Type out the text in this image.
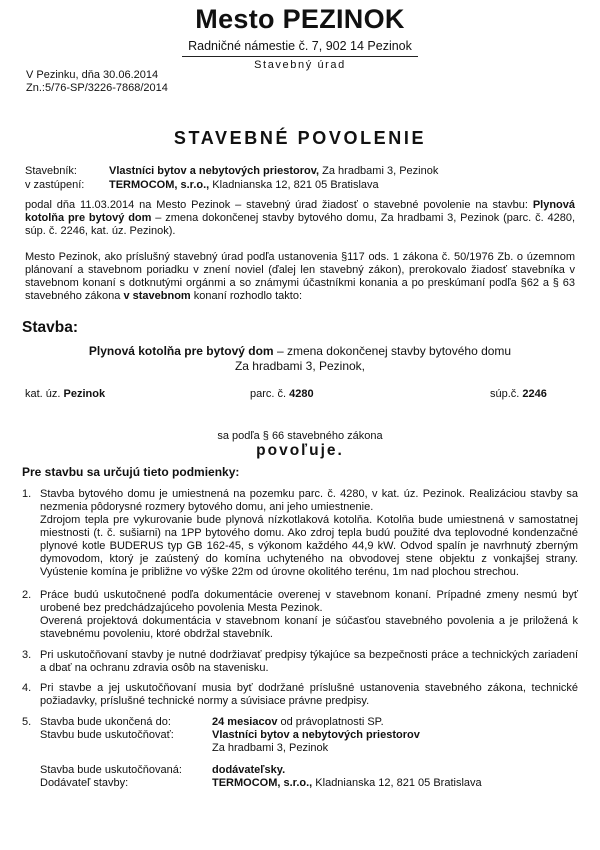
Mesto PEZINOK
Radničné námestie č. 7, 902 14 Pezinok
Stavebný úrad
V Pezinku, dňa 30.06.2014
Zn.:5/76-SP/3226-7868/2014
STAVEBNÉ POVOLENIE
Stavebník:	Vlastníci bytov a nebytových priestorov, Za hradbami 3, Pezinok
v zastúpení:	TERMOCOM, s.r.o., Kladnianska 12, 821 05 Bratislava
podal dňa 11.03.2014 na Mesto Pezinok – stavebný úrad žiadosť o stavebné povolenie na stavbu: Plynová kotolňa pre bytový dom – zmena dokončenej stavby bytového domu, Za hradbami 3, Pezinok (parc. č. 4280, súp. č. 2246, kat. úz. Pezinok).
Mesto Pezinok, ako príslušný stavebný úrad podľa ustanovenia §117 ods. 1 zákona č. 50/1976 Zb. o územnom plánovaní a stavebnom poriadku v znení noviel (ďalej len stavebný zákon), prerokovalo žiadosť stavebníka v stavebnom konaní s dotknutými orgánmi a so známymi účastníkmi konania a po preskúmaní podľa §62 a § 63 stavebného zákona v stavebnom konaní rozhodlo takto:
Stavba:
Plynová kotolňa pre bytový dom – zmena dokončenej stavby bytového domu
Za hradbami 3, Pezinok,
kat. úz. Pezinok	parc. č. 4280	súp.č. 2246
sa podľa § 66 stavebného zákona
povoľuje.
Pre stavbu sa určujú tieto podmienky:
1. Stavba bytového domu je umiestnená na pozemku parc. č. 4280, v kat. úz. Pezinok. Realizáciou stavby sa nezmenia pôdorysné rozmery bytového domu, ani jeho umiestnenie.

Zdrojom tepla pre vykurovanie bude plynová nízkotlaková kotolňa. Kotolňa bude umiestnená v samostatnej miestnosti (t. č. sušiarni) na 1PP bytového domu. Ako zdroj tepla budú použité dva teplovodné kondenzačné plynové kotle BUDERUS typ GB 162-45, s výkonom každého 44,9 kW. Odvod spalín je navrhnutý zberným dymovodom, ktorý je zaústený do komína uchyteného na obvodovej stene objektu z vonkajšej strany. Vyústenie komína je približne vo výške 22m od úrovne okolitého terénu, 1m nad plochou strechou.

2. Práce budú uskutočnené podľa dokumentácie overenej v stavebnom konaní. Prípadné zmeny nesmú byť urobené bez predchádzajúceho povolenia Mesta Pezinok.

Overená projektová dokumentácia v stavebnom konaní je súčasťou stavebného povolenia a je priložená k stavebnému povoleniu, ktoré obdržal stavebník.

3. Pri uskutočňovaní stavby je nutné dodržiavať predpisy týkajúce sa bezpečnosti práce a technických zariadení a dbať na ochranu zdravia osôb na stavenisku.

4. Pri stavbe a jej uskutočňovaní musia byť dodržané príslušné ustanovenia stavebného zákona, technické požiadavky, príslušné technické normy a súvisiace právne predpisy.

5. Stavba bude ukončená do:	24 mesiacov od právoplatnosti SP.
Stavbu bude uskutočňovať:	Vlastníci bytov a nebytových priestorov
Za hradbami 3, Pezinok
Stavba bude uskutočňovaná:	dodávateľsky.
Dodávateľ stavby:	TERMOCOM, s.r.o., Kladnianska 12, 821 05 Bratislava
